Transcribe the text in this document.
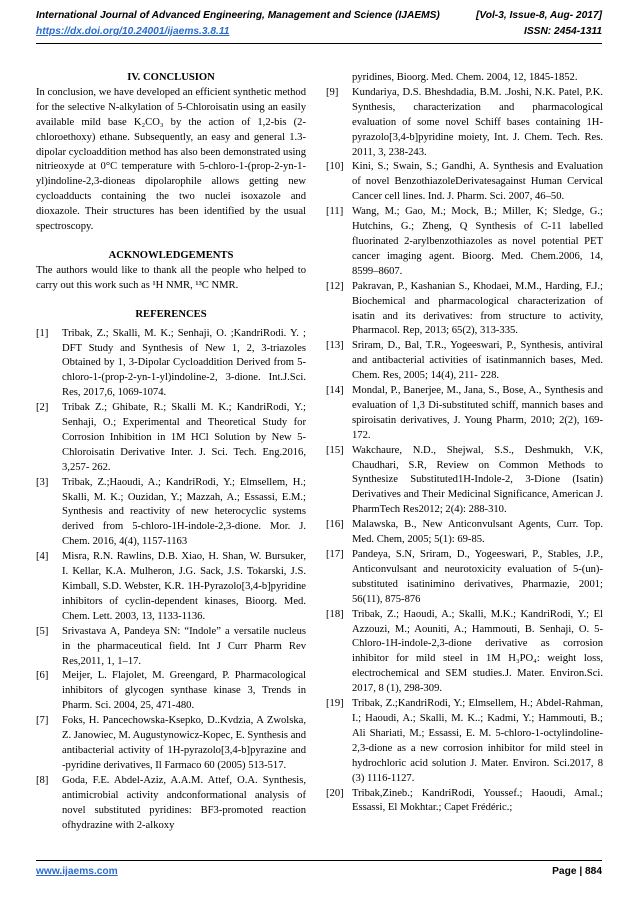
International Journal of Advanced Engineering, Management and Science (IJAEMS)	[Vol-3, Issue-8, Aug- 2017]
https://dx.doi.org/10.24001/ijaems.3.8.11	ISSN: 2454-1311
IV. CONCLUSION

In conclusion, we have developed an efficient synthetic method for the selective N-alkylation of 5-Chloroisatin using an easily available mild base K₂CO₃ by the action of 1,2-bis (2-chloroethoxy) ethane. Subsequently, an easy and general 1.3-dipolar cycloaddition method has also been demonstrated using nitrieoxyde at 0°C temperature with 5-chloro-1-(prop-2-yn-1-yl)indoline-2,3-dioneas dipolarophile allows getting new cycloadducts containing the two nuclei isoxazole and dioxazole. Their structures has been identified by the usual spectroscopy.

ACKNOWLEDGEMENTS

The authors would like to thank all the people who helped to carry out this work such as ¹H NMR, ¹³C NMR.

REFERENCES
[1]	Tribak, Z.; Skalli, M. K.; Senhaji, O. ;KandriRodi. Y. ; DFT Study and Synthesis of New 1, 2, 3-triazoles Obtained by 1, 3-Dipolar Cycloaddition Derived from 5-chloro-1-(prop-2-yn-1-yl)indoline-2, 3-dione. Int.J.Sci. Res, 2017,6, 1069-1074.
[2]	Tribak Z.; Ghibate, R.; Skalli M. K.; KandriRodi, Y.; Senhaji, O.; Experimental and Theoretical Study for Corrosion Inhibition in 1M HCl Solution by New 5-Chloroisatin Derivative Inter. J. Sci. Tech. Eng.2016, 3,257- 262.
[3]	Tribak, Z.;Haoudi, A.; KandriRodi, Y.; Elmsellem, H.; Skalli, M. K.; Ouzidan, Y.; Mazzah, A.; Essassi, E.M.; Synthesis and reactivity of new heterocyclic systems derived from 5-chloro-1H-indole-2,3-dione. Mor. J. Chem. 2016, 4(4), 1157-1163
[4]	Misra, R.N. Rawlins, D.B. Xiao, H. Shan, W. Bursuker, I. Kellar, K.A. Mulheron, J.G. Sack, J.S. Tokarski, J.S. Kimball, S.D. Webster, K.R. 1H-Pyrazolo[3,4-b]pyridine inhibitors of cyclin-dependent kinases, Bioorg. Med. Chem. Lett. 2003, 13, 1133-1136.
[5]	Srivastava A, Pandeya SN: “Indole” a versatile nucleus in the pharmaceutical field. Int J Curr Pharm Rev Res,2011, 1, 1–17.
[6]	Meijer, L. Flajolet, M. Greengard, P. Pharmacological inhibitors of glycogen synthase kinase 3, Trends in Pharm. Sci. 2004, 25, 471-480.
[7]	Foks, H. Pancechowska-Ksepko, D..Kvdzia, A Zwolska, Z. Janowiec, M. Augustynowicz-Kopec, E. Synthesis and antibacterial activity of 1H-pyrazolo[3,4-b]pyrazine and -pyridine derivatives, Il Farmaco 60 (2005) 513-517.
[8]	Goda, F.E. Abdel-Aziz, A.A.M. Attef, O.A. Synthesis, antimicrobial activity andconformational analysis of novel substituted pyridines: BF3-promoted reaction ofhydrazine with 2-alkoxy
pyridines, Bioorg. Med. Chem. 2004, 12, 1845-1852.
[9]	Kundariya, D.S. Bheshdadia, B.M. .Joshi, N.K. Patel, P.K. Synthesis, characterization and pharmacological evaluation of some novel Schiff bases containing 1H-pyrazolo[3,4-b]pyridine moiety, Int. J. Chem. Tech. Res. 2011, 3, 238-243.
[10] Kini, S.; Swain, S.; Gandhi, A. Synthesis and Evaluation of novel BenzothiazoleDerivatesagainst Human Cervical Cancer cell lines. Ind. J. Pharm. Sci. 2007, 46–50.
[11] Wang, M.; Gao, M.; Mock, B.; Miller, K; Sledge, G.; Hutchins, G.; Zheng, Q Synthesis of C-11 labelled fluorinated 2-arylbenzothiazoles as novel potential PET cancer imaging agent. Bioorg. Med. Chem.2006, 14, 8599–8607.
[12] Pakravan, P., Kashanian S., Khodaei, M.M., Harding, F.J.; Biochemical and pharmacological characterization of isatin and its derivatives: from structure to activity, Pharmacol. Rep, 2013; 65(2), 313-335.
[13] Sriram, D., Bal, T.R., Yogeeswari, P., Synthesis, antiviral and antibacterial activities of isatinmannich bases, Med. Chem. Res, 2005; 14(4), 211- 228.
[14] Mondal, P., Banerjee, M., Jana, S., Bose, A., Synthesis and evaluation of 1,3 Di-substituted schiff, mannich bases and spiroisatin derivatives, J. Young Pharm, 2010; 2(2), 169-172.
[15] Wakchaure, N.D., Shejwal, S.S., Deshmukh, V.K, Chaudhari, S.R, Review on Common Methods to Synthesize Substituted1H-Indole-2, 3-Dione (Isatin) Derivatives and Their Medicinal Significance, American J. PharmTech Res2012; 2(4): 288-310.
[16] Malawska, B., New Anticonvulsant Agents, Curr. Top. Med. Chem, 2005; 5(1): 69-85.
[17] Pandeya, S.N, Sriram, D., Yogeeswari, P., Stables, J.P., Anticonvulsant and neurotoxicity evaluation of 5-(un)-substituted isatinimino derivatives, Pharmazie, 2001; 56(11), 875-876
[18] Tribak, Z.; Haoudi, A.; Skalli, M.K.; KandriRodi, Y.; El Azzouzi, M.; Aouniti, A.; Hammouti, B. Senhaji, O. 5-Chloro-1H-indole-2,3-dione derivative as corrosion inhibitor for mild steel in 1M H₃PO₄: weight loss, electrochemical and SEM studies.J. Mater. Environ.Sci. 2017, 8 (1), 298-309.
[19] Tribak, Z.;KandriRodi, Y.; Elmsellem, H.; Abdel-Rahman, I.; Haoudi, A.; Skalli, M. K..; Kadmi, Y.; Hammouti, B.; Ali Shariati, M.; Essassi, E. M. 5-chloro-1-octylindoline-2,3-dione as a new corrosion inhibitor for mild steel in hydrochloric acid solution J. Mater. Environ. Sci.2017, 8 (3) 1116-1127.
[20] Tribak,Zineb.; KandriRodi, Youssef.; Haoudi, Amal.; Essassi, El Mokhtar.; Capet Frédéric.;
www.ijaems.com	Page | 884
